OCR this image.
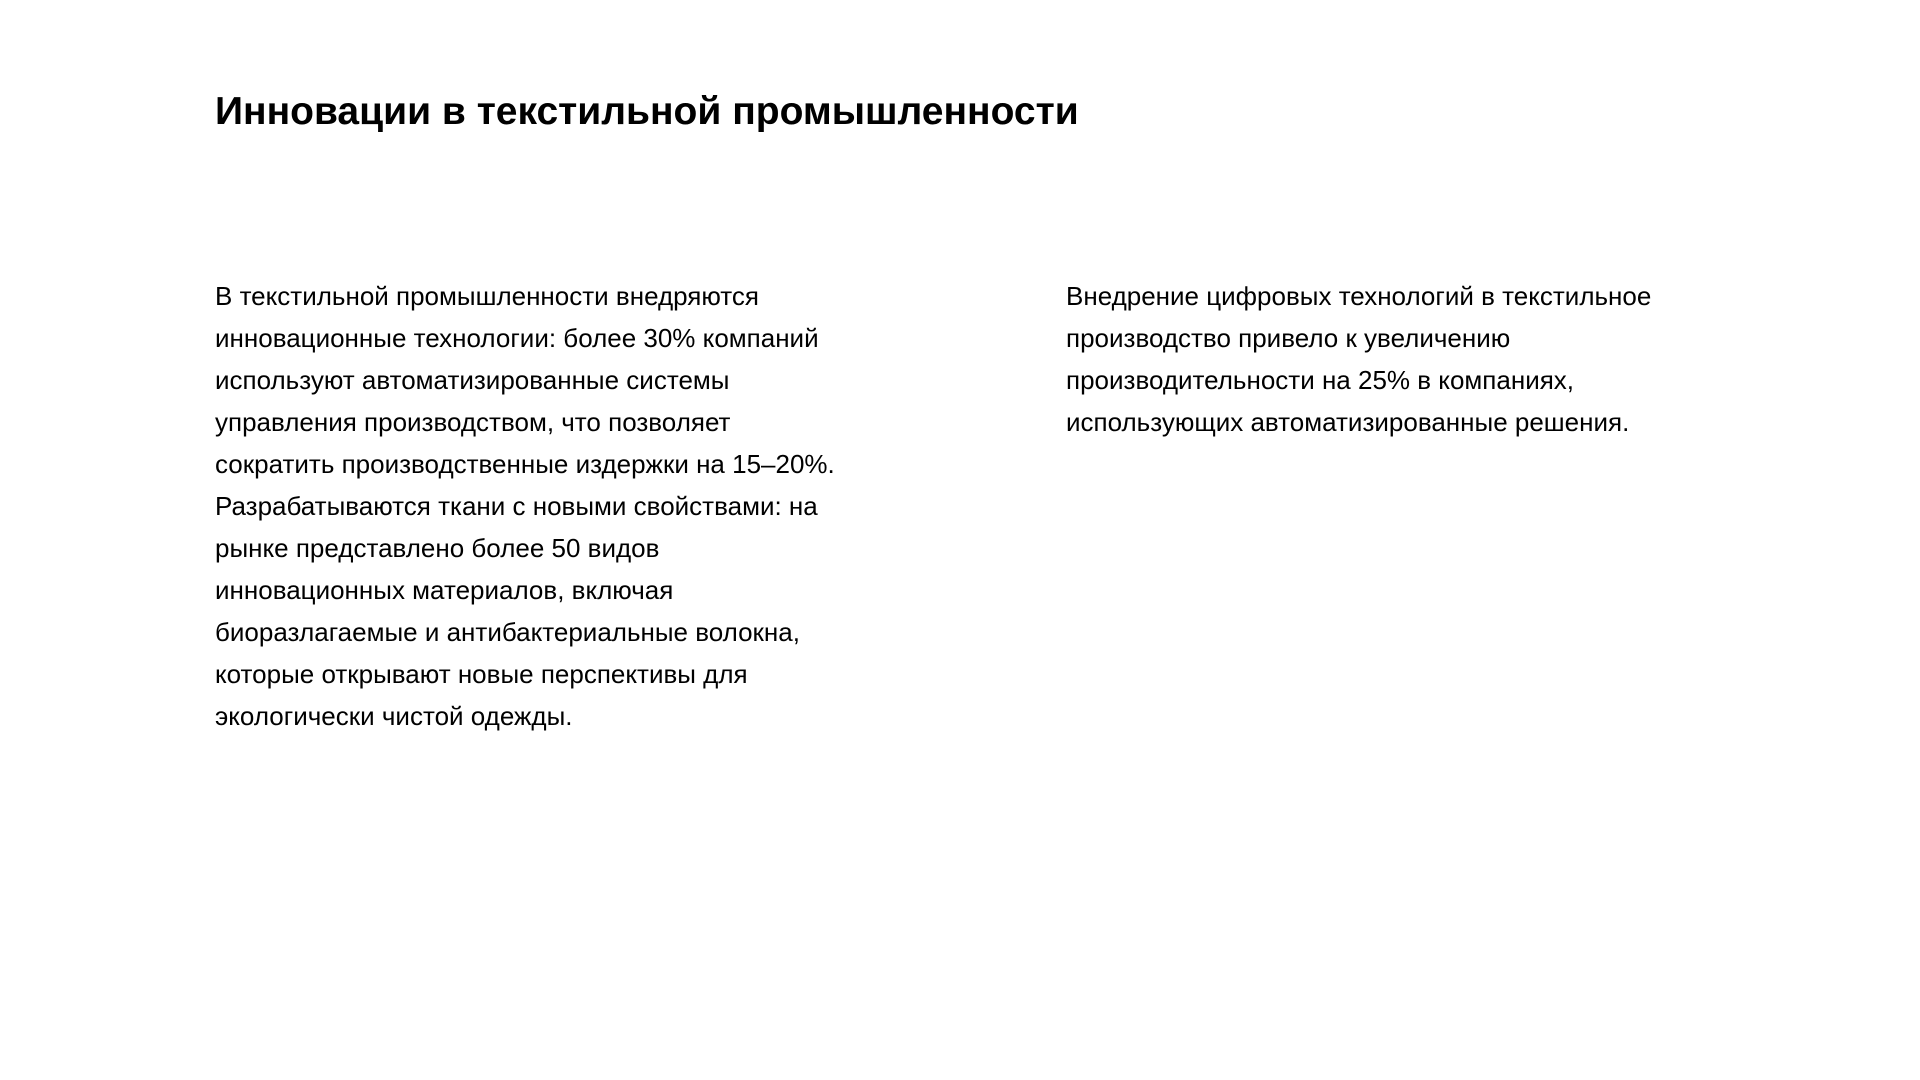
Инновации в текстильной промышленности

В текстильной промышленности внедряются инновационные технологии: более 30% компаний используют автоматизированные системы управления производством, что позволяет сократить производственные издержки на 15–20%. Разрабатываются ткани с новыми свойствами: на рынке представлено более 50 видов инновационных материалов, включая биоразлагаемые и антибактериальные волокна, которые открывают новые перспективы для экологически чистой одежды.

Внедрение цифровых технологий в текстильное производство привело к увеличению производительности на 25% в компаниях, использующих автоматизированные решения.
